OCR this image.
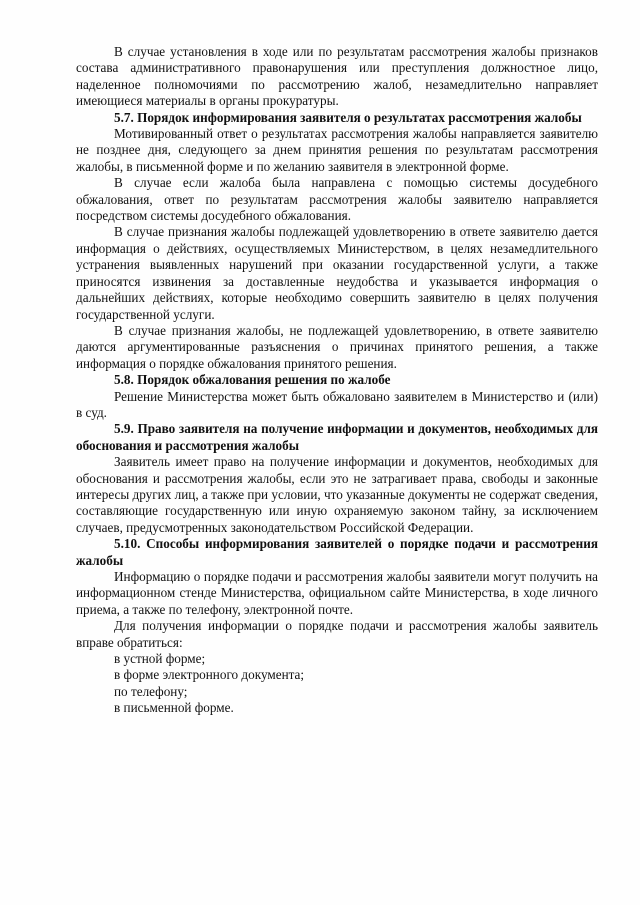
В случае установления в ходе или по результатам рассмотрения жалобы признаков состава административного правонарушения или преступления должностное лицо, наделенное полномочиями по рассмотрению жалоб, незамедлительно направляет имеющиеся материалы в органы прокуратуры.

5.7. Порядок информирования заявителя о результатах рассмотрения жалобы

Мотивированный ответ о результатах рассмотрения жалобы направляется заявителю не позднее дня, следующего за днем принятия решения по результатам рассмотрения жалобы, в письменной форме и по желанию заявителя в электронной форме.

В случае если жалоба была направлена с помощью системы досудебного обжалования, ответ по результатам рассмотрения жалобы заявителю направляется посредством системы досудебного обжалования.

В случае признания жалобы подлежащей удовлетворению в ответе заявителю дается информация о действиях, осуществляемых Министерством, в целях незамедлительного устранения выявленных нарушений при оказании государственной услуги, а также приносятся извинения за доставленные неудобства и указывается информация о дальнейших действиях, которые необходимо совершить заявителю в целях получения государственной услуги.

В случае признания жалобы, не подлежащей удовлетворению, в ответе заявителю даются аргументированные разъяснения о причинах принятого решения, а также информация о порядке обжалования принятого решения.

5.8. Порядок обжалования решения по жалобе

Решение Министерства может быть обжаловано заявителем в Министерство и (или) в суд.

5.9. Право заявителя на получение информации и документов, необходимых для обоснования и рассмотрения жалобы

Заявитель имеет право на получение информации и документов, необходимых для обоснования и рассмотрения жалобы, если это не затрагивает права, свободы и законные интересы других лиц, а также при условии, что указанные документы не содержат сведения, составляющие государственную или иную охраняемую законом тайну, за исключением случаев, предусмотренных законодательством Российской Федерации.

5.10. Способы информирования заявителей о порядке подачи и рассмотрения жалобы

Информацию о порядке подачи и рассмотрения жалобы заявители могут получить на информационном стенде Министерства, официальном сайте Министерства, в ходе личного приема, а также по телефону, электронной почте.

Для получения информации о порядке подачи и рассмотрения жалобы заявитель вправе обратиться:

в устной форме;

в форме электронного документа;

по телефону;

в письменной форме.
